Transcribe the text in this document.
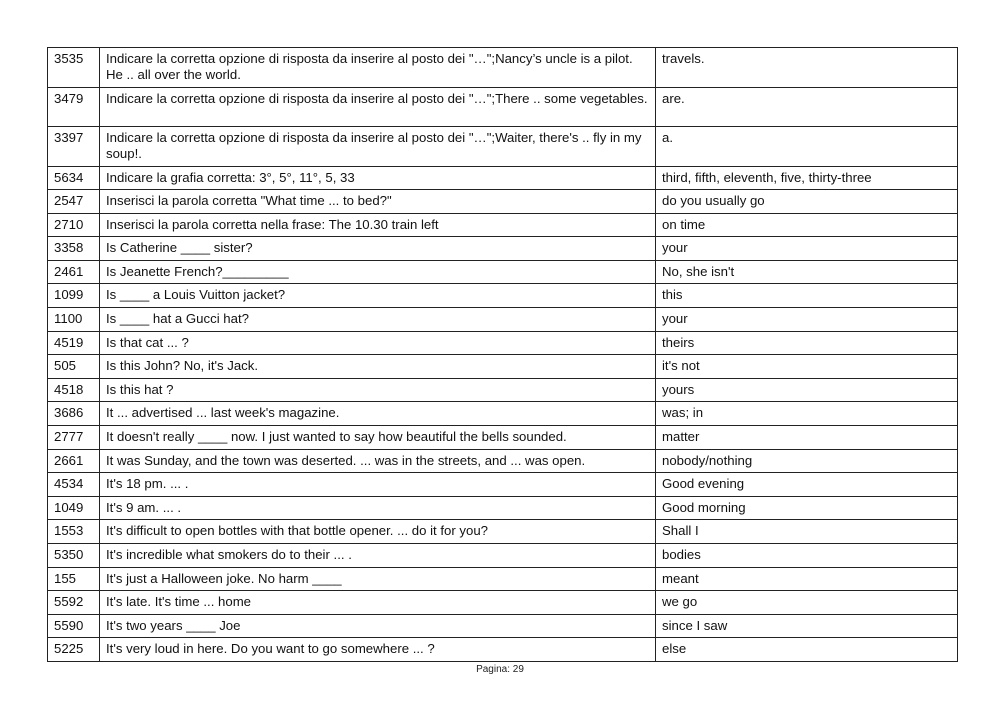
3535	Indicare la corretta opzione di risposta da inserire al posto dei "…";Nancy’s uncle is a pilot. He .. all over the world.	travels.
3479	Indicare la corretta opzione di risposta da inserire al posto dei "…";There .. some vegetables.	are.
3397	Indicare la corretta opzione di risposta da inserire al posto dei "…";Waiter, there's .. fly in my soup!.	a.
5634	Indicare la grafia corretta: 3°, 5°, 11°, 5, 33	third, fifth, eleventh, five, thirty-three
2547	Inserisci la parola corretta "What time ... to bed?"	do you usually go
2710	Inserisci la parola corretta nella frase: The 10.30 train left	on time
3358	Is Catherine ____ sister?	your
2461	Is Jeanette French?_________	No, she isn't
1099	Is ____ a Louis Vuitton jacket?	this
1100	Is ____ hat a Gucci hat?	your
4519	Is that cat ... ?	theirs
505	Is this John? No, it's Jack.	it's not
4518	Is this hat ?	yours
3686	It ... advertised ... last week's magazine.	was; in
2777	It doesn't really ____ now. I just wanted to say how beautiful the bells sounded.	matter
2661	It was Sunday, and the town was deserted. ... was in the streets, and ... was open.	nobody/nothing
4534	It's 18 pm. ... .	Good evening
1049	It's 9 am. ... .	Good morning
1553	It's difficult to open bottles with that bottle opener. ... do it for you?	Shall I
5350	It's incredible what smokers do to their ... .	bodies
155	It's just a Halloween joke. No harm ____	meant
5592	It's late. It's time ... home	we go
5590	It's two years ____ Joe	since I saw
5225	It's very loud in here. Do you want to go somewhere ... ?	else
Pagina: 29
